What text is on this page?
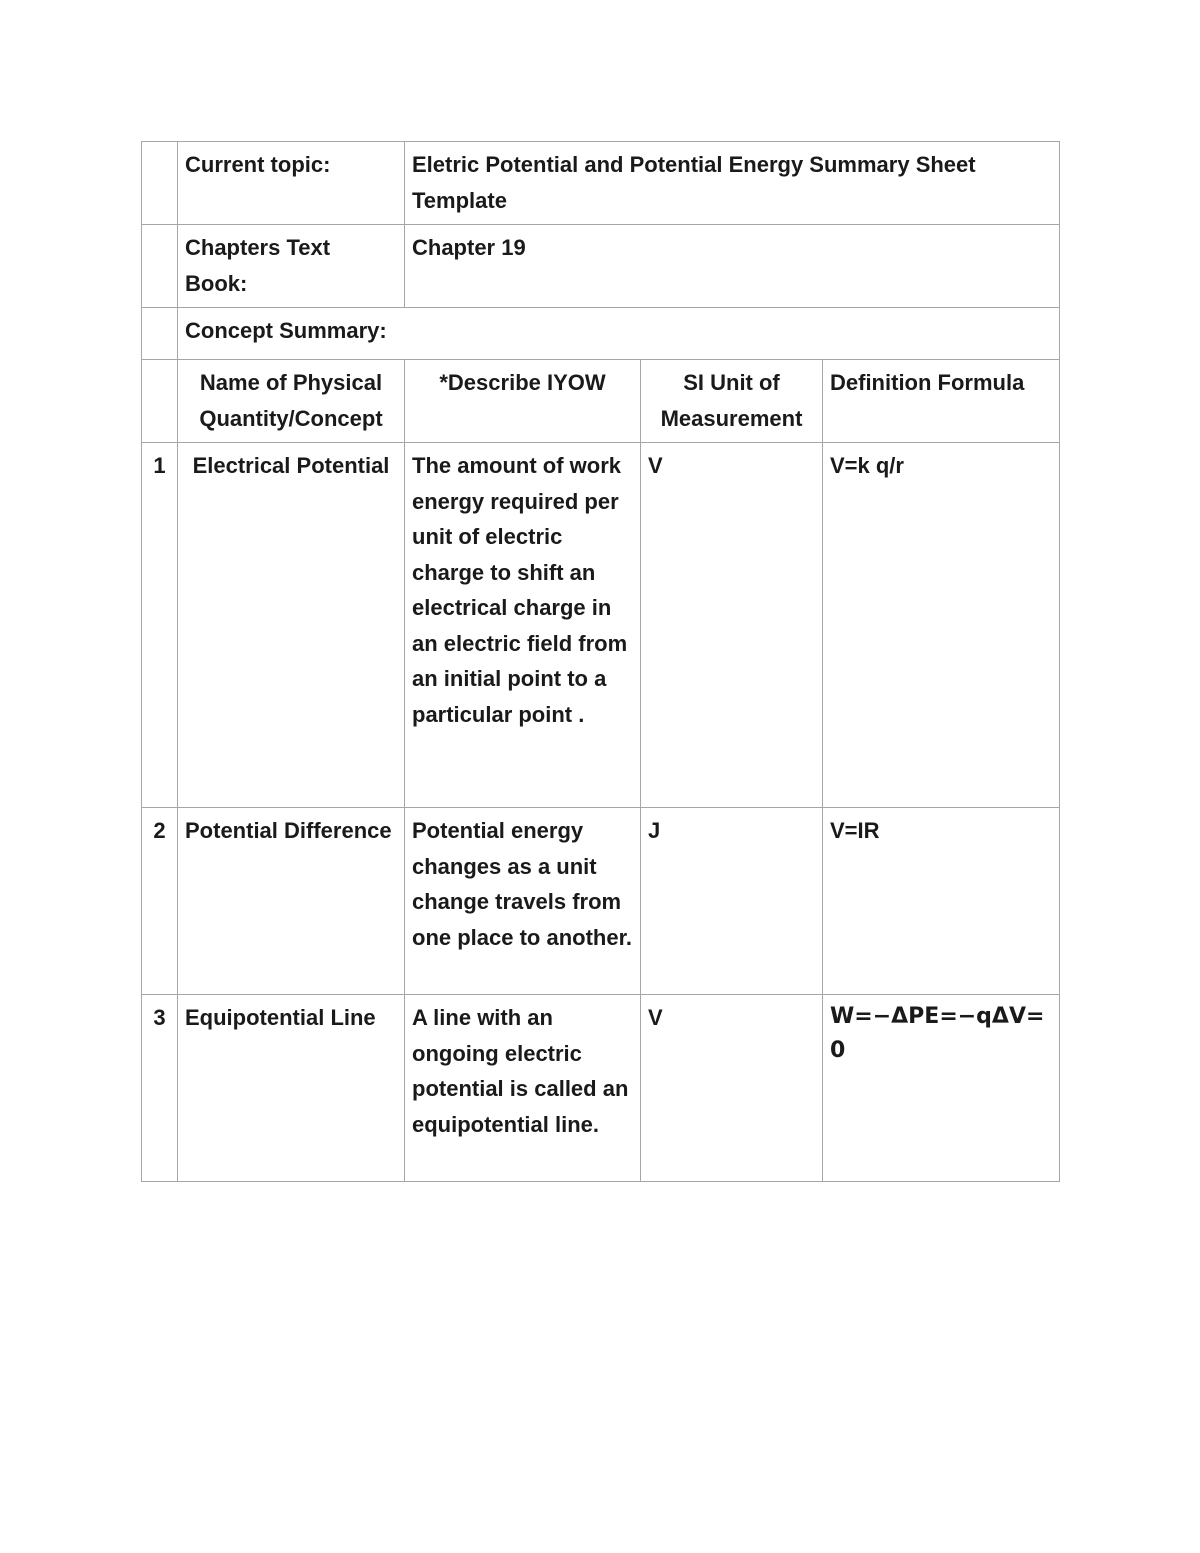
	Current topic:	Eletric Potential and Potential Energy Summary Sheet Template		
	Chapters Text Book:	Chapter 19		
	Concept Summary:			
	Name of Physical Quantity/Concept	*Describe IYOW	SI Unit of Measurement	Definition Formula
1	Electrical Potential	The amount of work energy required per unit of electric charge to shift an electrical charge in an electric field from an initial point to a particular point .	V	V=k q/r
2	Potential Difference	Potential energy changes as a unit change travels from one place to another.	J	V=IR
3	Equipotential Line	A line with an ongoing electric potential is called an equipotential line.	V	W=−ΔPE=−qΔV=0
